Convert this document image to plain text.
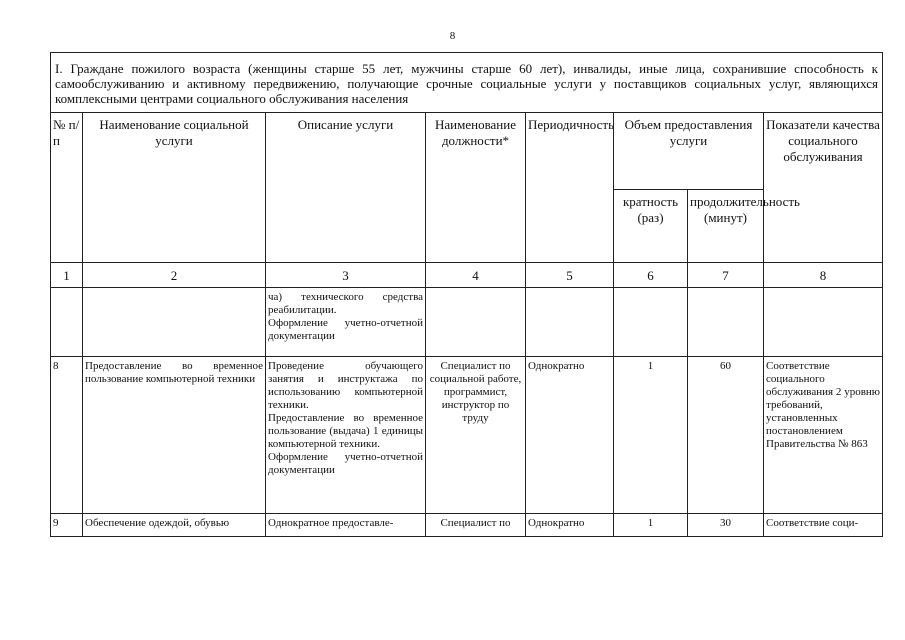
8
I. Граждане пожилого возраста (женщины старше 55 лет, мужчины старше 60 лет), инвалиды, иные лица, сохранившие способность к самообслуживанию и активному передвижению, получающие срочные социальные услуги у поставщиков социальных услуг, являющихся комплексными центрами социального обслуживания населения							
№ п/п	Наименование социальной услуги	Описание услуги	Наименование должности*	Периодичность	Объем предоставления услуги		Показатели качества социального обслуживания
					кратность (раз)	продолжительность (минут)	
1	2	3	4	5	6	7	8

		ча) технического средства реабилитации.
Оформление учетно-отчетной документации					

8	Предоставление во временное пользование компьютерной техники	Проведение обучающего занятия и инструктажа по использованию компьютерной техники.
Предоставление во временное пользование (выдача) 1 единицы компьютерной техники.
Оформление учетно-отчетной документации	Специалист по социальной работе, программист, инструктор по труду	Однократно	1	60	Соответствие социального обслуживания 2 уровню требований, установленных постановлением Правительства № 863
9	Обеспечение одеждой, обувью	Однократное предоставле-	Специалист по	Однократно	1	30	Соответствие соци-
